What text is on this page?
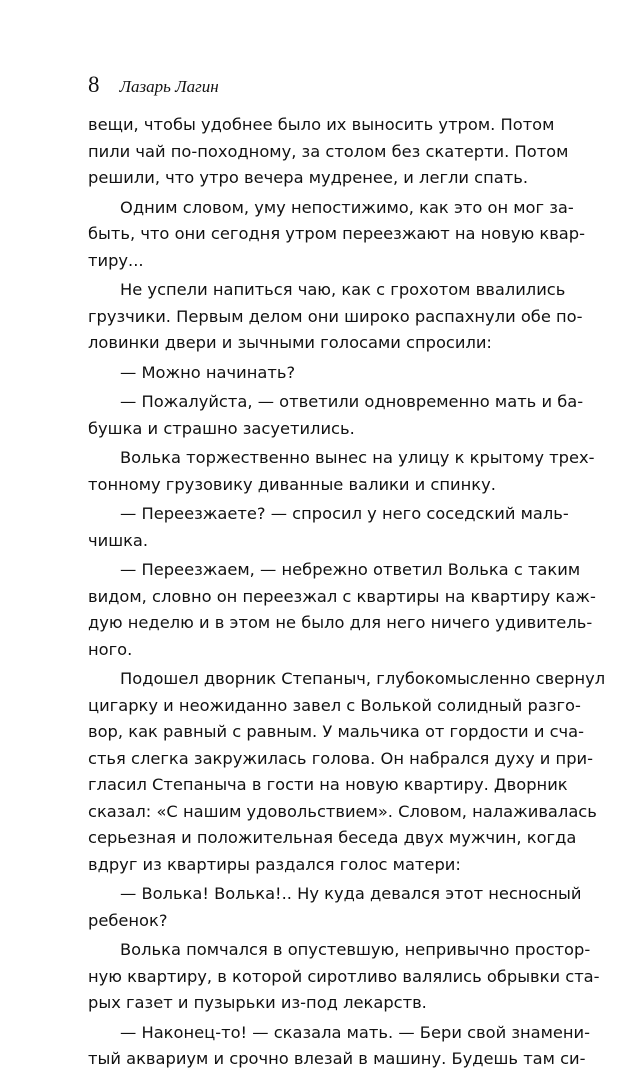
8 Лазарь Лагин
вещи, чтобы удобнее было их выносить утром. Потом
пили чай по-походному, за столом без скатерти. Потом
решили, что утро вечера мудренее, и легли спать.
Одним словом, уму непостижимо, как это он мог за-
быть, что они сегодня утром переезжают на новую квар-
тиру...
Не успели напиться чаю, как с грохотом ввалились
грузчики. Первым делом они широко распахнули обе по-
ловинки двери и зычными голосами спросили:
— Можно начинать?
— Пожалуйста, — ответили одновременно мать и ба-
бушка и страшно засуетились.
Волька торжественно вынес на улицу к крытому трех-
тонному грузовику диванные валики и спинку.
— Переезжаете? — спросил у него соседский маль-
чишка.
— Переезжаем, — небрежно ответил Волька с таким
видом, словно он переезжал с квартиры на квартиру каж-
дую неделю и в этом не было для него ничего удивитель-
ного.
Подошел дворник Степаныч, глубокомысленно свернул
цигарку и неожиданно завел с Волькой солидный разго-
вор, как равный с равным. У мальчика от гордости и сча-
стья слегка закружилась голова. Он набрался духу и при-
гласил Степаныча в гости на новую квартиру. Дворник
сказал: «С нашим удовольствием». Словом, налаживалась
серьезная и положительная беседа двух мужчин, когда
вдруг из квартиры раздался голос матери:
— Волька! Волька!.. Ну куда девался этот несносный
ребенок?
Волька помчался в опустевшую, непривычно простор-
ную квартиру, в которой сиротливо валялись обрывки ста-
рых газет и пузырьки из-под лекарств.
— Наконец-то! — сказала мать. — Бери свой знамени-
тый аквариум и срочно влезай в машину. Будешь там си-
